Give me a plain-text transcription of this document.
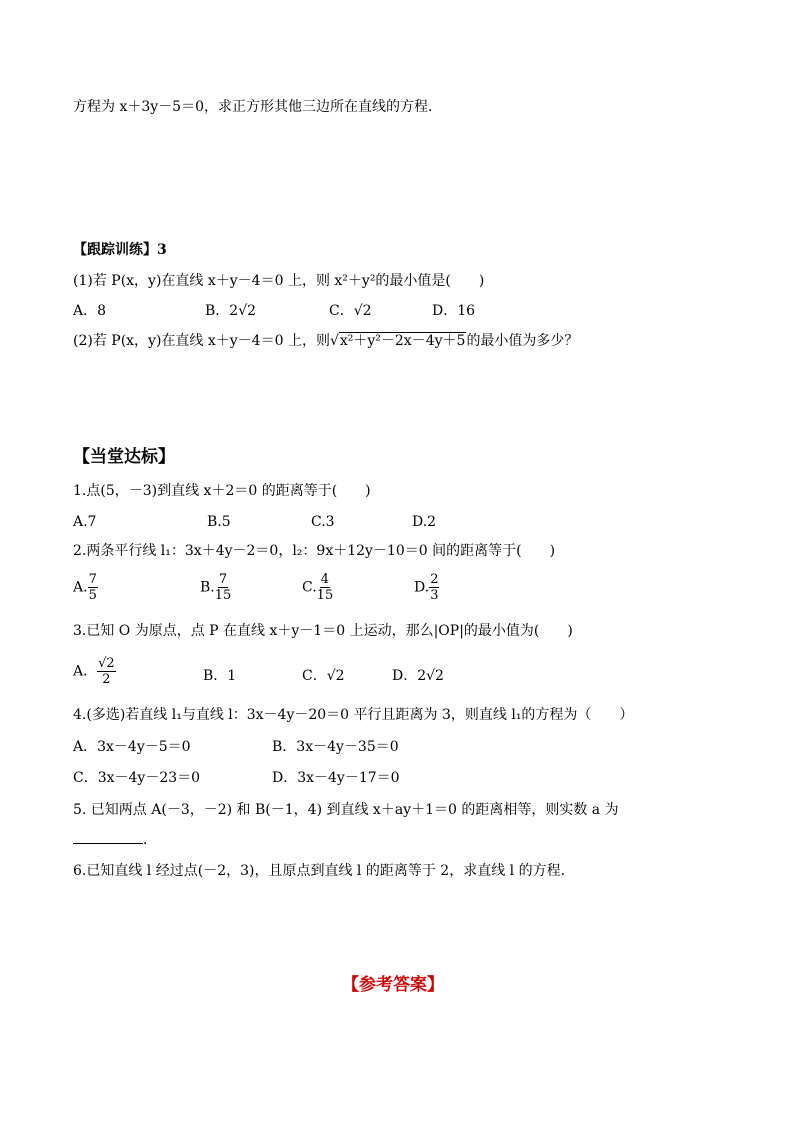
方程为 x＋3y－5＝0，求正方形其他三边所在直线的方程．
【跟踪训练】3
(1)若 P(x，y)在直线 x＋y－4＝0 上，则 x²＋y²的最小值是(　　)
A．8	B．2√2	C．√2	D．16
(2)若 P(x，y)在直线 x＋y－4＝0 上，则√x²＋y²－2x－4y＋5的最小值为多少？
【当堂达标】
1.点(5，－3)到直线 x＋2＝0 的距离等于(　　)
A.7	B.5	C.3	D.2
2.两条平行线 l₁：3x＋4y－2＝0，l₂：9x＋12y－10＝0 间的距离等于(　　)
A. $\frac{7}{5}$	B. $\frac{7}{15}$	C. $\frac{4}{15}$	D. $\frac{2}{3}$
3.已知 O 为原点，点 P 在直线 x＋y－1＝0 上运动，那么|OP|的最小值为(　　)
A． $\frac{√2}{2}$	B．1	C．√2	D．2√2
4.(多选)若直线 l₁与直线 l：3x－4y－20＝0 平行且距离为 3，则直线 l₁的方程为（　　）
A．3x－4y－5＝0	B．3x－4y－35＝0
C．3x－4y－23＝0	D．3x－4y－17＝0
5. 已知两点 A(－3，－2) 和 B(－1，4) 到直线 x＋ay＋1＝0 的距离相等，则实数 a 为
．
6.已知直线 l 经过点(－2，3)，且原点到直线 l 的距离等于 2，求直线 l 的方程．
【参考答案】
